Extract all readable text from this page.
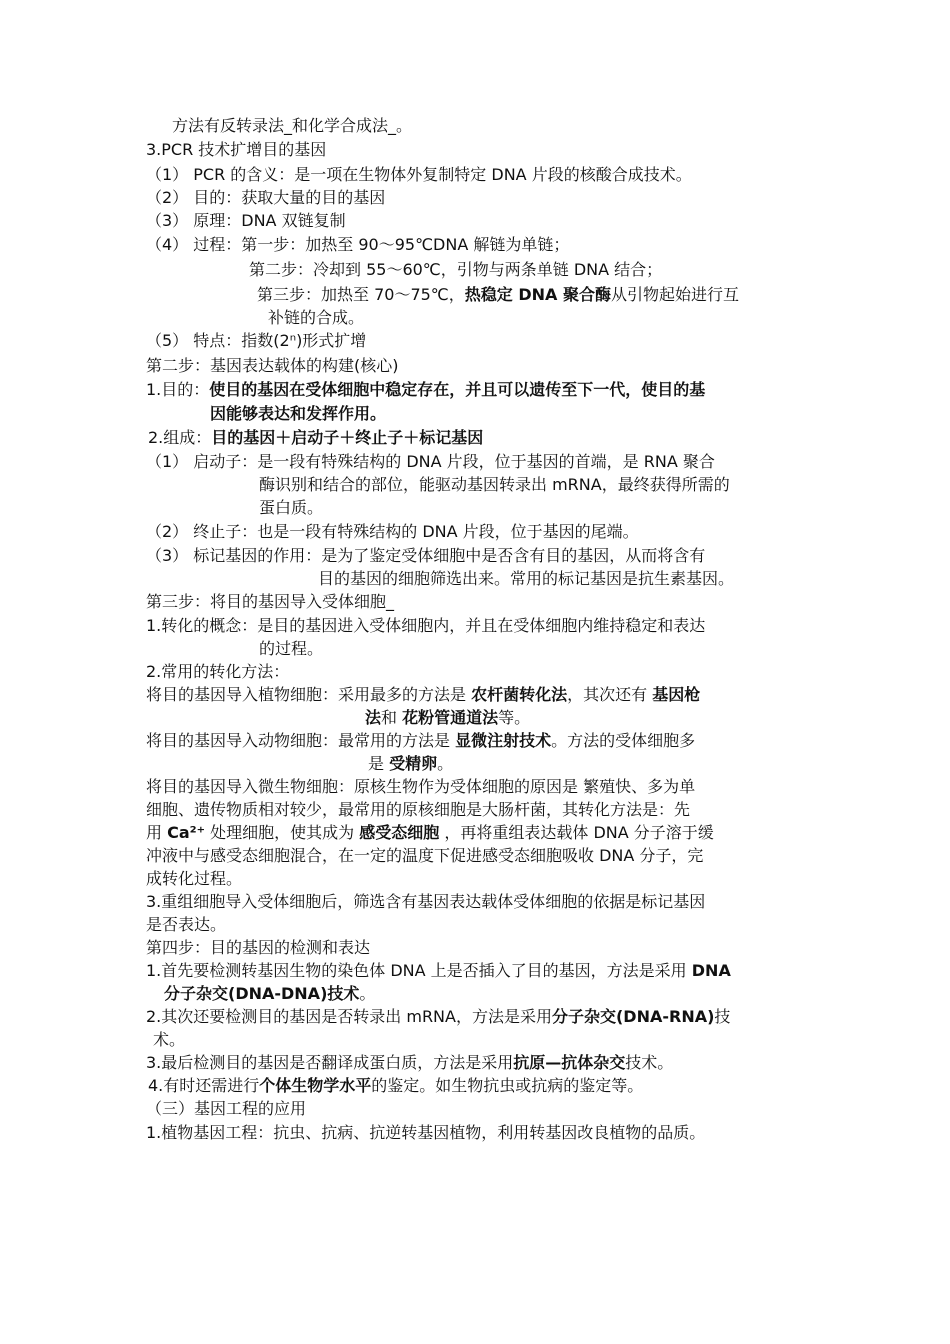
方法有反转录法_和化学合成法_。
3.PCR 技术扩增目的基因
（1） PCR 的含义：是一项在生物体外复制特定 DNA 片段的核酸合成技术。
（2） 目的：获取大量的目的基因
（3） 原理：DNA 双链复制
（4） 过程：第一步：加热至 90～95℃DNA 解链为单链；
第二步：冷却到 55～60℃，引物与两条单链 DNA 结合；
第三步：加热至 70～75℃，热稳定 DNA 聚合酶从引物起始进行互
补链的合成。
（5） 特点：指数(2ⁿ)形式扩增
第二步：基因表达载体的构建(核心)
1.目的：使目的基因在受体细胞中稳定存在，并且可以遗传至下一代，使目的基
因能够表达和发挥作用。
2.组成：目的基因＋启动子＋终止子＋标记基因
（1） 启动子：是一段有特殊结构的 DNA 片段，位于基因的首端，是 RNA 聚合
酶识别和结合的部位，能驱动基因转录出 mRNA，最终获得所需的
蛋白质。
（2） 终止子：也是一段有特殊结构的 DNA 片段，位于基因的尾端。
（3） 标记基因的作用：是为了鉴定受体细胞中是否含有目的基因，从而将含有
目的基因的细胞筛选出来。常用的标记基因是抗生素基因。
第三步：将目的基因导入受体细胞_
1.转化的概念：是目的基因进入受体细胞内，并且在受体细胞内维持稳定和表达
的过程。
2.常用的转化方法：
将目的基因导入植物细胞：采用最多的方法是 农杆菌转化法，其次还有 基因枪
法和 花粉管通道法等。
将目的基因导入动物细胞：最常用的方法是 显微注射技术。方法的受体细胞多
是 受精卵。
将目的基因导入微生物细胞：原核生物作为受体细胞的原因是 繁殖快、多为单
细胞、遗传物质相对较少，最常用的原核细胞是大肠杆菌，其转化方法是：先
用 Ca²⁺ 处理细胞，使其成为 感受态细胞 ，再将重组表达载体 DNA 分子溶于缓
冲液中与感受态细胞混合，在一定的温度下促进感受态细胞吸收 DNA 分子，完
成转化过程。
3.重组细胞导入受体细胞后，筛选含有基因表达载体受体细胞的依据是标记基因
是否表达。
第四步：目的基因的检测和表达
1.首先要检测转基因生物的染色体 DNA 上是否插入了目的基因，方法是采用 DNA
分子杂交(DNA-DNA)技术。
2.其次还要检测目的基因是否转录出 mRNA，方法是采用分子杂交(DNA-RNA)技
术。
3.最后检测目的基因是否翻译成蛋白质，方法是采用抗原—抗体杂交技术。
4.有时还需进行个体生物学水平的鉴定。如生物抗虫或抗病的鉴定等。
（三）基因工程的应用
1.植物基因工程：抗虫、抗病、抗逆转基因植物，利用转基因改良植物的品质。
